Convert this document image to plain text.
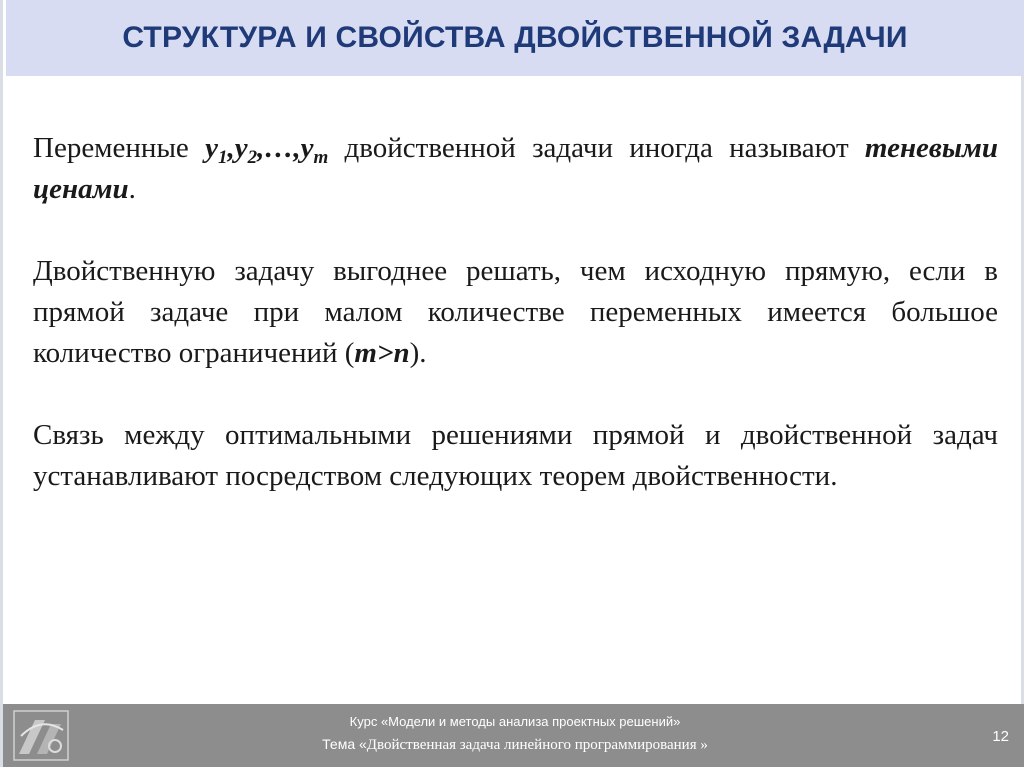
СТРУКТУРА И СВОЙСТВА ДВОЙСТВЕННОЙ ЗАДАЧИ

Переменные $y_1,y_2,\dots,y_m$ двойственной задачи иногда называют теневыми ценами.

Двойственную задачу выгоднее решать, чем исходную прямую, если в прямой задаче при малом количестве переменных имеется большое количество ограничений (m>n).

Связь между оптимальными решениями прямой и двойственной задач устанавливают посредством следующих теорем двойственности.

Курс «Модели и методы анализа проектных решений»
Тема «Двойственная задача линейного программирования »	12
